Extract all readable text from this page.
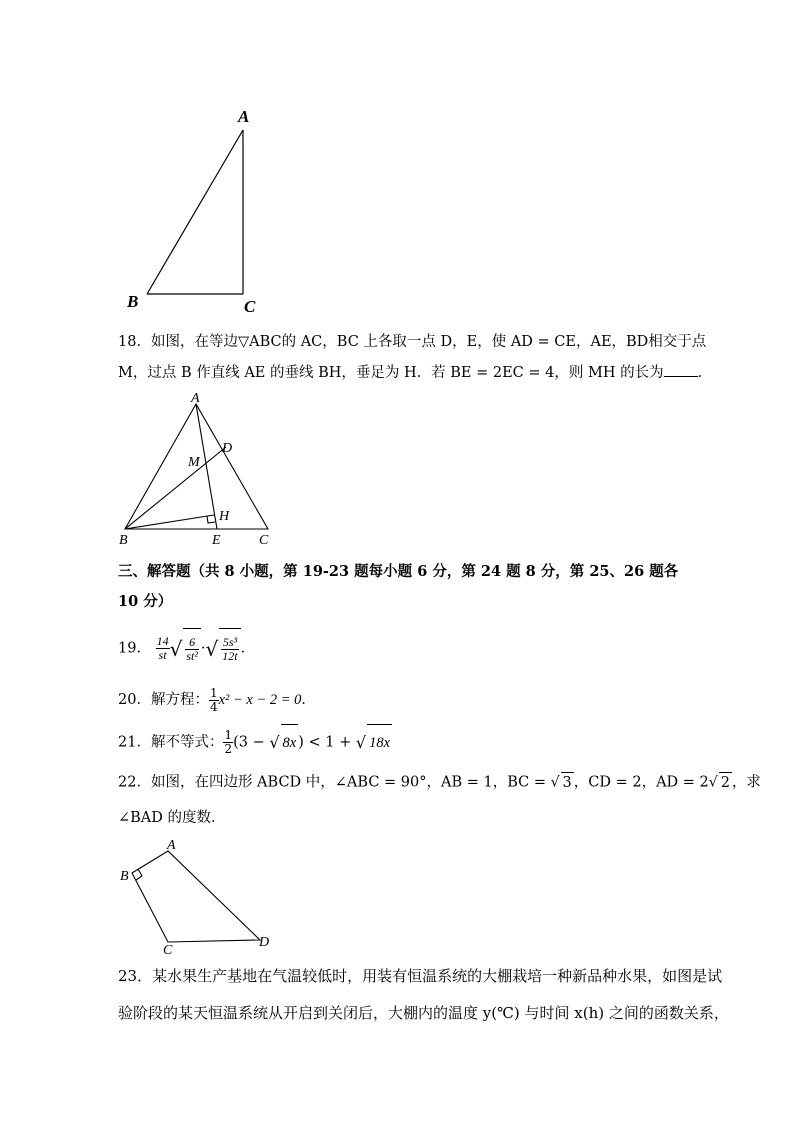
A
B	C
18．如图，在等边▽ABC的 AC，BC 上各取一点 D，E，使 AD = CE，AE，BD相交于点
M，过点 B 作直线 AE 的垂线 BH，垂足为 H．若 BE = 2EC = 4，则 MH 的长为 ．
A
M
D
H
B	E	C
三、解答题（共 8 小题，第 19-23 题每小题 6 分，第 24 题 8 分，第 25、26 题各
10 分）
19． $\frac{14}{st}$ √ $\frac{6}{\text{st²}}$ ·√ $\frac{\text{5s³}}{12t}$ ．
20．解方程： $\frac{1}{4} x^2 - x - 2 = 0$．
21．解不等式： $\frac{1}{2} (3$ − √ 8x ) < 1 + √ 18x
22．如图，在四边形 ABCD 中，∠ABC = 90°，AB = 1，BC = √ 3 ，CD = 2，AD = 2√ 2 ，求
∠BAD 的度数．
A
B
C
D
23．某水果生产基地在气温较低时，用装有恒温系统的大棚栽培一种新品种水果，如图是试
验阶段的某天恒温系统从开启到关闭后，大棚内的温度 y(℃) 与时间 x(h) 之间的函数关系，
